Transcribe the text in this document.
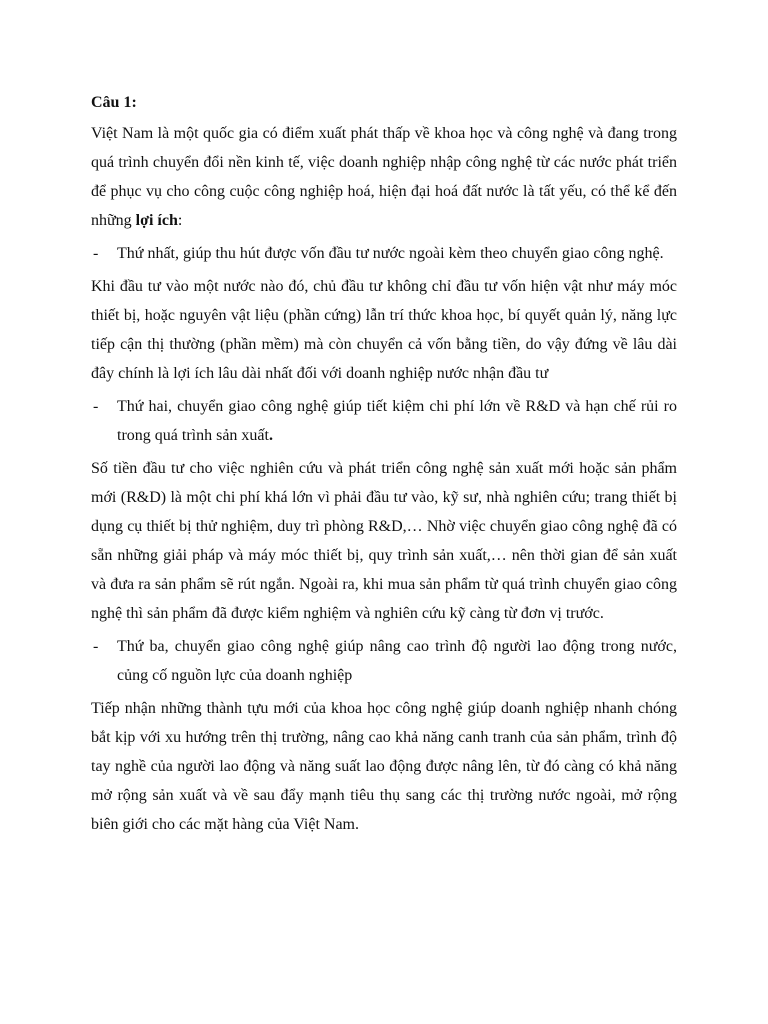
Câu 1:

Việt Nam là một quốc gia có điểm xuất phát thấp về khoa học và công nghệ và đang trong quá trình chuyển đổi nền kinh tế, việc doanh nghiệp nhập công nghệ từ các nước phát triển để phục vụ cho công cuộc công nghiệp hoá, hiện đại hoá đất nước là tất yếu, có thể kể đến những lợi ích:

- Thứ nhất, giúp thu hút được vốn đầu tư nước ngoài kèm theo chuyển giao công nghệ.

Khi đầu tư vào một nước nào đó, chủ đầu tư không chỉ đầu tư vốn hiện vật như máy móc thiết bị, hoặc nguyên vật liệu (phần cứng) lẫn trí thức khoa học, bí quyết quản lý, năng lực tiếp cận thị thường (phần mềm) mà còn chuyển cả vốn bằng tiền, do vậy đứng về lâu dài đây chính là lợi ích lâu dài nhất đối với doanh nghiệp nước nhận đầu tư

- Thứ hai, chuyển giao công nghệ giúp tiết kiệm chi phí lớn về R&D và hạn chế rủi ro trong quá trình sản xuất.

Số tiền đầu tư cho việc nghiên cứu và phát triển công nghệ sản xuất mới hoặc sản phẩm mới (R&D) là một chi phí khá lớn vì phải đầu tư vào, kỹ sư, nhà nghiên cứu; trang thiết bị dụng cụ thiết bị thử nghiệm, duy trì phòng R&D,… Nhờ việc chuyển giao công nghệ đã có sẵn những giải pháp và máy móc thiết bị, quy trình sản xuất,… nên thời gian để sản xuất và đưa ra sản phẩm sẽ rút ngắn. Ngoài ra, khi mua sản phẩm từ quá trình chuyển giao công nghệ thì sản phẩm đã được kiểm nghiệm và nghiên cứu kỹ càng từ đơn vị trước.

- Thứ ba, chuyển giao công nghệ giúp nâng cao trình độ người lao động trong nước, củng cố nguồn lực của doanh nghiệp

Tiếp nhận những thành tựu mới của khoa học công nghệ giúp doanh nghiệp nhanh chóng bắt kịp với xu hướng trên thị trường, nâng cao khả năng canh tranh của sản phẩm, trình độ tay nghề của người lao động và năng suất lao động được nâng lên, từ đó càng có khả năng mở rộng sản xuất và về sau đẩy mạnh tiêu thụ sang các thị trường nước ngoài, mở rộng biên giới cho các mặt hàng của Việt Nam.
